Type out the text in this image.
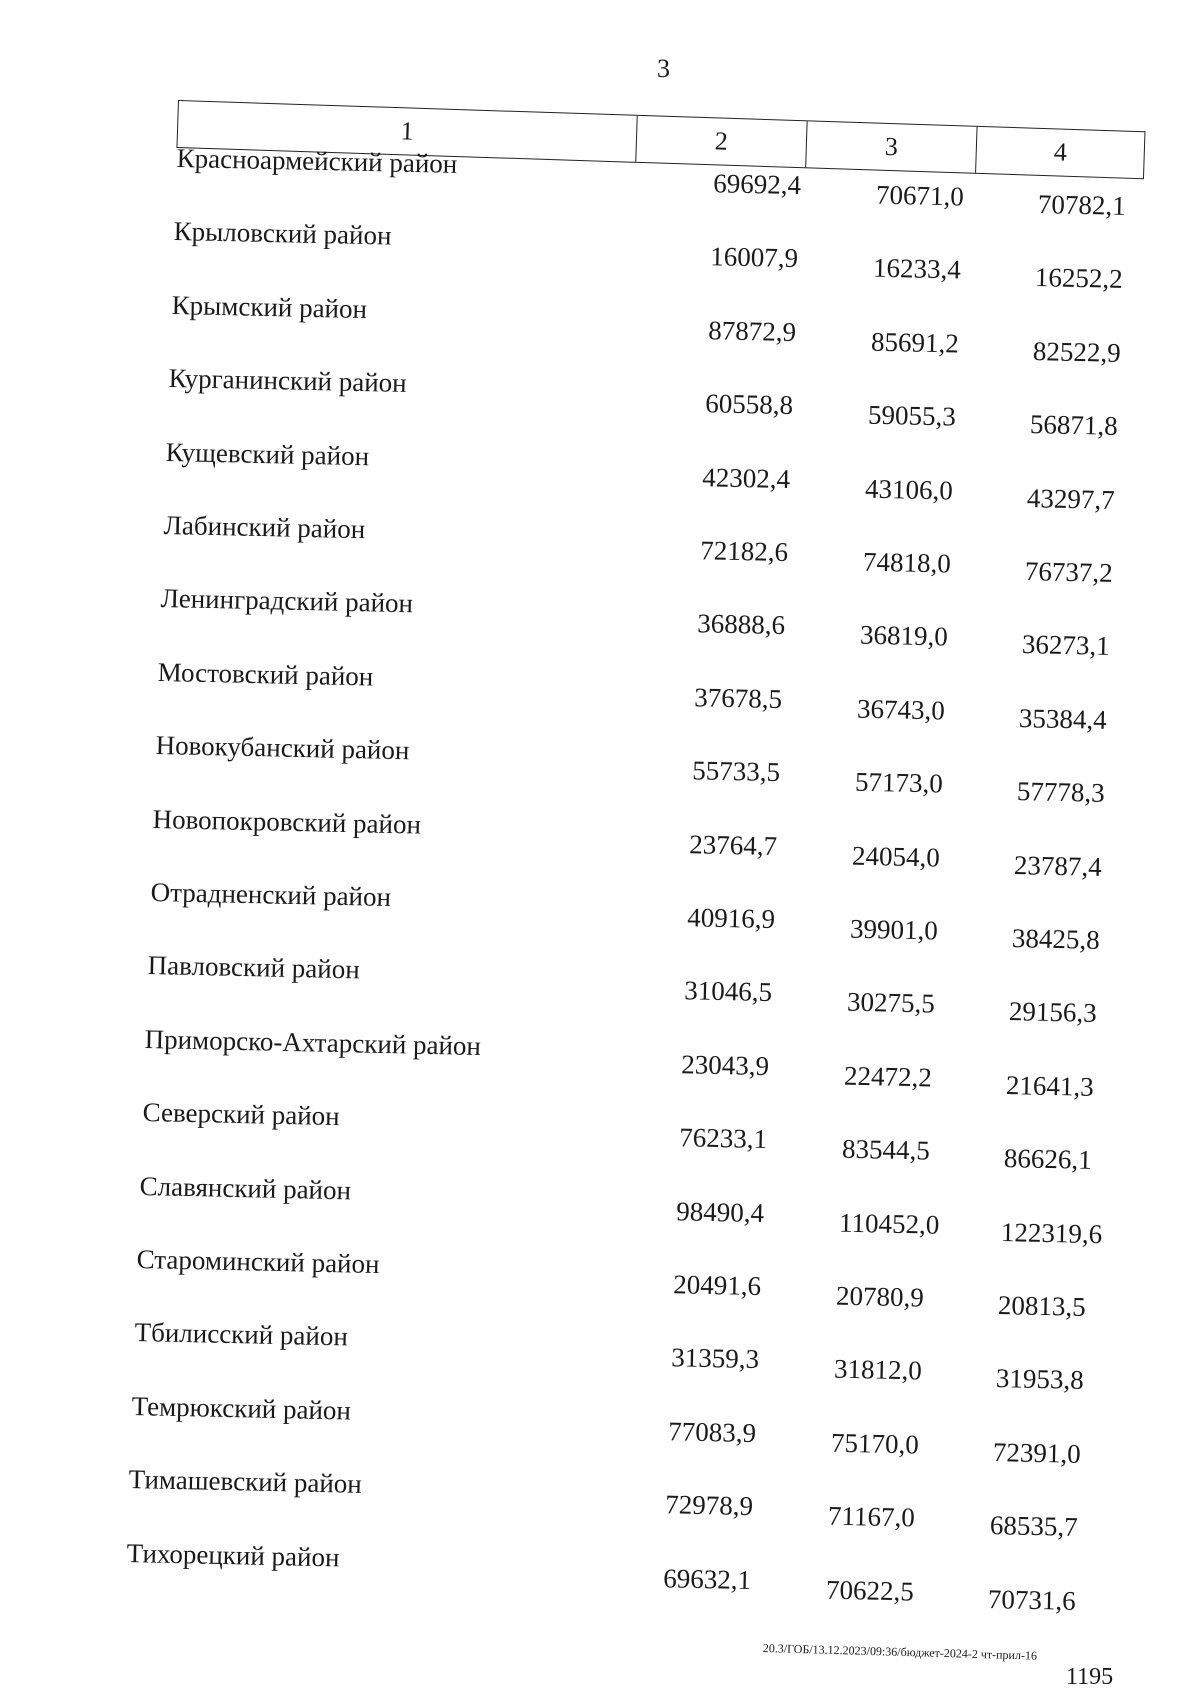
3
1	2	3	4
Красноармейский район
69692,4	70671,0	70782,1
Крыловский район
16007,9	16233,4	16252,2
Крымский район
87872,9	85691,2	82522,9
Курганинский район
60558,8	59055,3	56871,8
Кущевский район
42302,4	43106,0	43297,7
Лабинский район
72182,6	74818,0	76737,2
Ленинградский район
36888,6	36819,0	36273,1
Мостовский район
37678,5	36743,0	35384,4
Новокубанский район
55733,5	57173,0	57778,3
Новопокровский район
23764,7	24054,0	23787,4
Отрадненский район
40916,9	39901,0	38425,8
Павловский район
31046,5	30275,5	29156,3
Приморско-Ахтарский район
23043,9	22472,2	21641,3
Северский район
76233,1	83544,5	86626,1
Славянский район
98490,4	110452,0 122319,6
Староминский район
20491,6	20780,9	20813,5
Тбилисский район
31359,3	31812,0	31953,8
Темрюкский район
77083,9	75170,0	72391,0
Тимашевский район
72978,9	71167,0	68535,7
Тихорецкий район
69632,1	70622,5	70731,6
20.3/ГОБ/13.12.2023/09:36/бюджет-2024-2 чт-прил-16
1195
